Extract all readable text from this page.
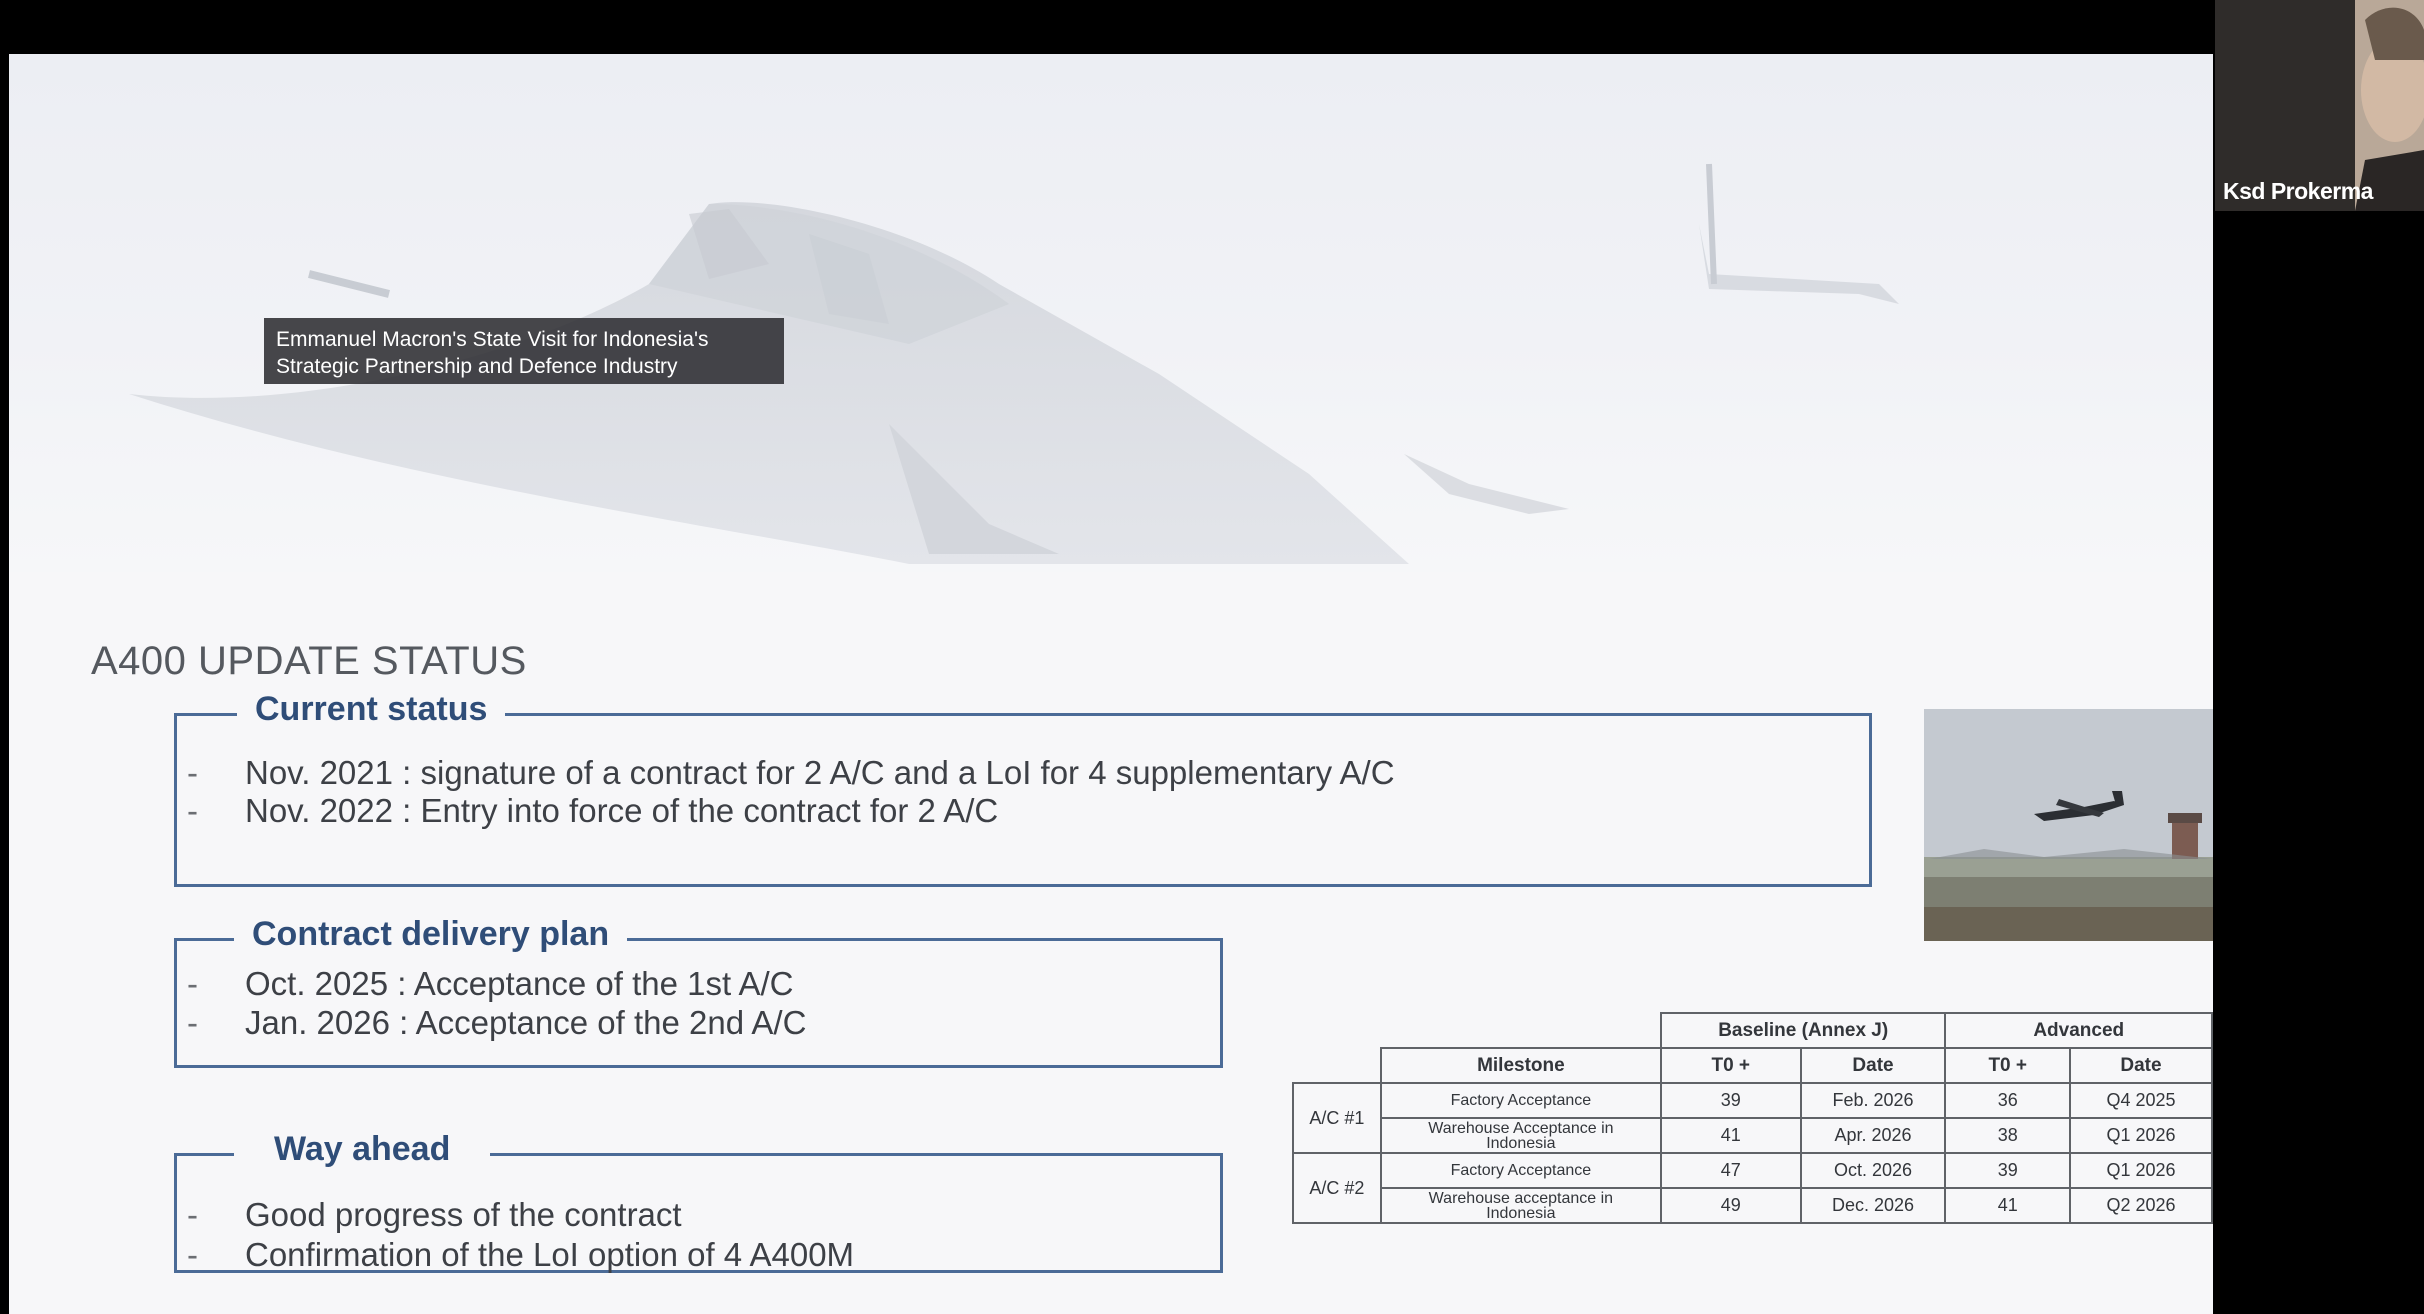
Emmanuel Macron's State Visit for Indonesia's
Strategic Partnership and Defence Industry
A400 UPDATE STATUS
Current status
- Nov. 2021 : signature of a contract for 2 A/C and a LoI for 4 supplementary A/C
- Nov. 2022 : Entry into force of the contract for 2 A/C
Contract delivery plan
- Oct. 2025 : Acceptance of the 1st A/C
- Jan. 2026 : Acceptance of the 2nd A/C
Way ahead
- Good progress of the contract
- Confirmation of the LoI option of 4 A400M
		Baseline (Annex J)		Advanced	
	Milestone	T0 +	Date	T0 +	Date
A/C #1	Factory Acceptance	39	Feb. 2026	36	Q4 2025

	Warehouse Acceptance in
Indonesia	41	Apr. 2026	38	Q1 2026
A/C #2	Factory Acceptance	47	Oct. 2026	39	Q1 2026

	Warehouse acceptance in
Indonesia	49	Dec. 2026	41	Q2 2026
Ksd Prokerma
